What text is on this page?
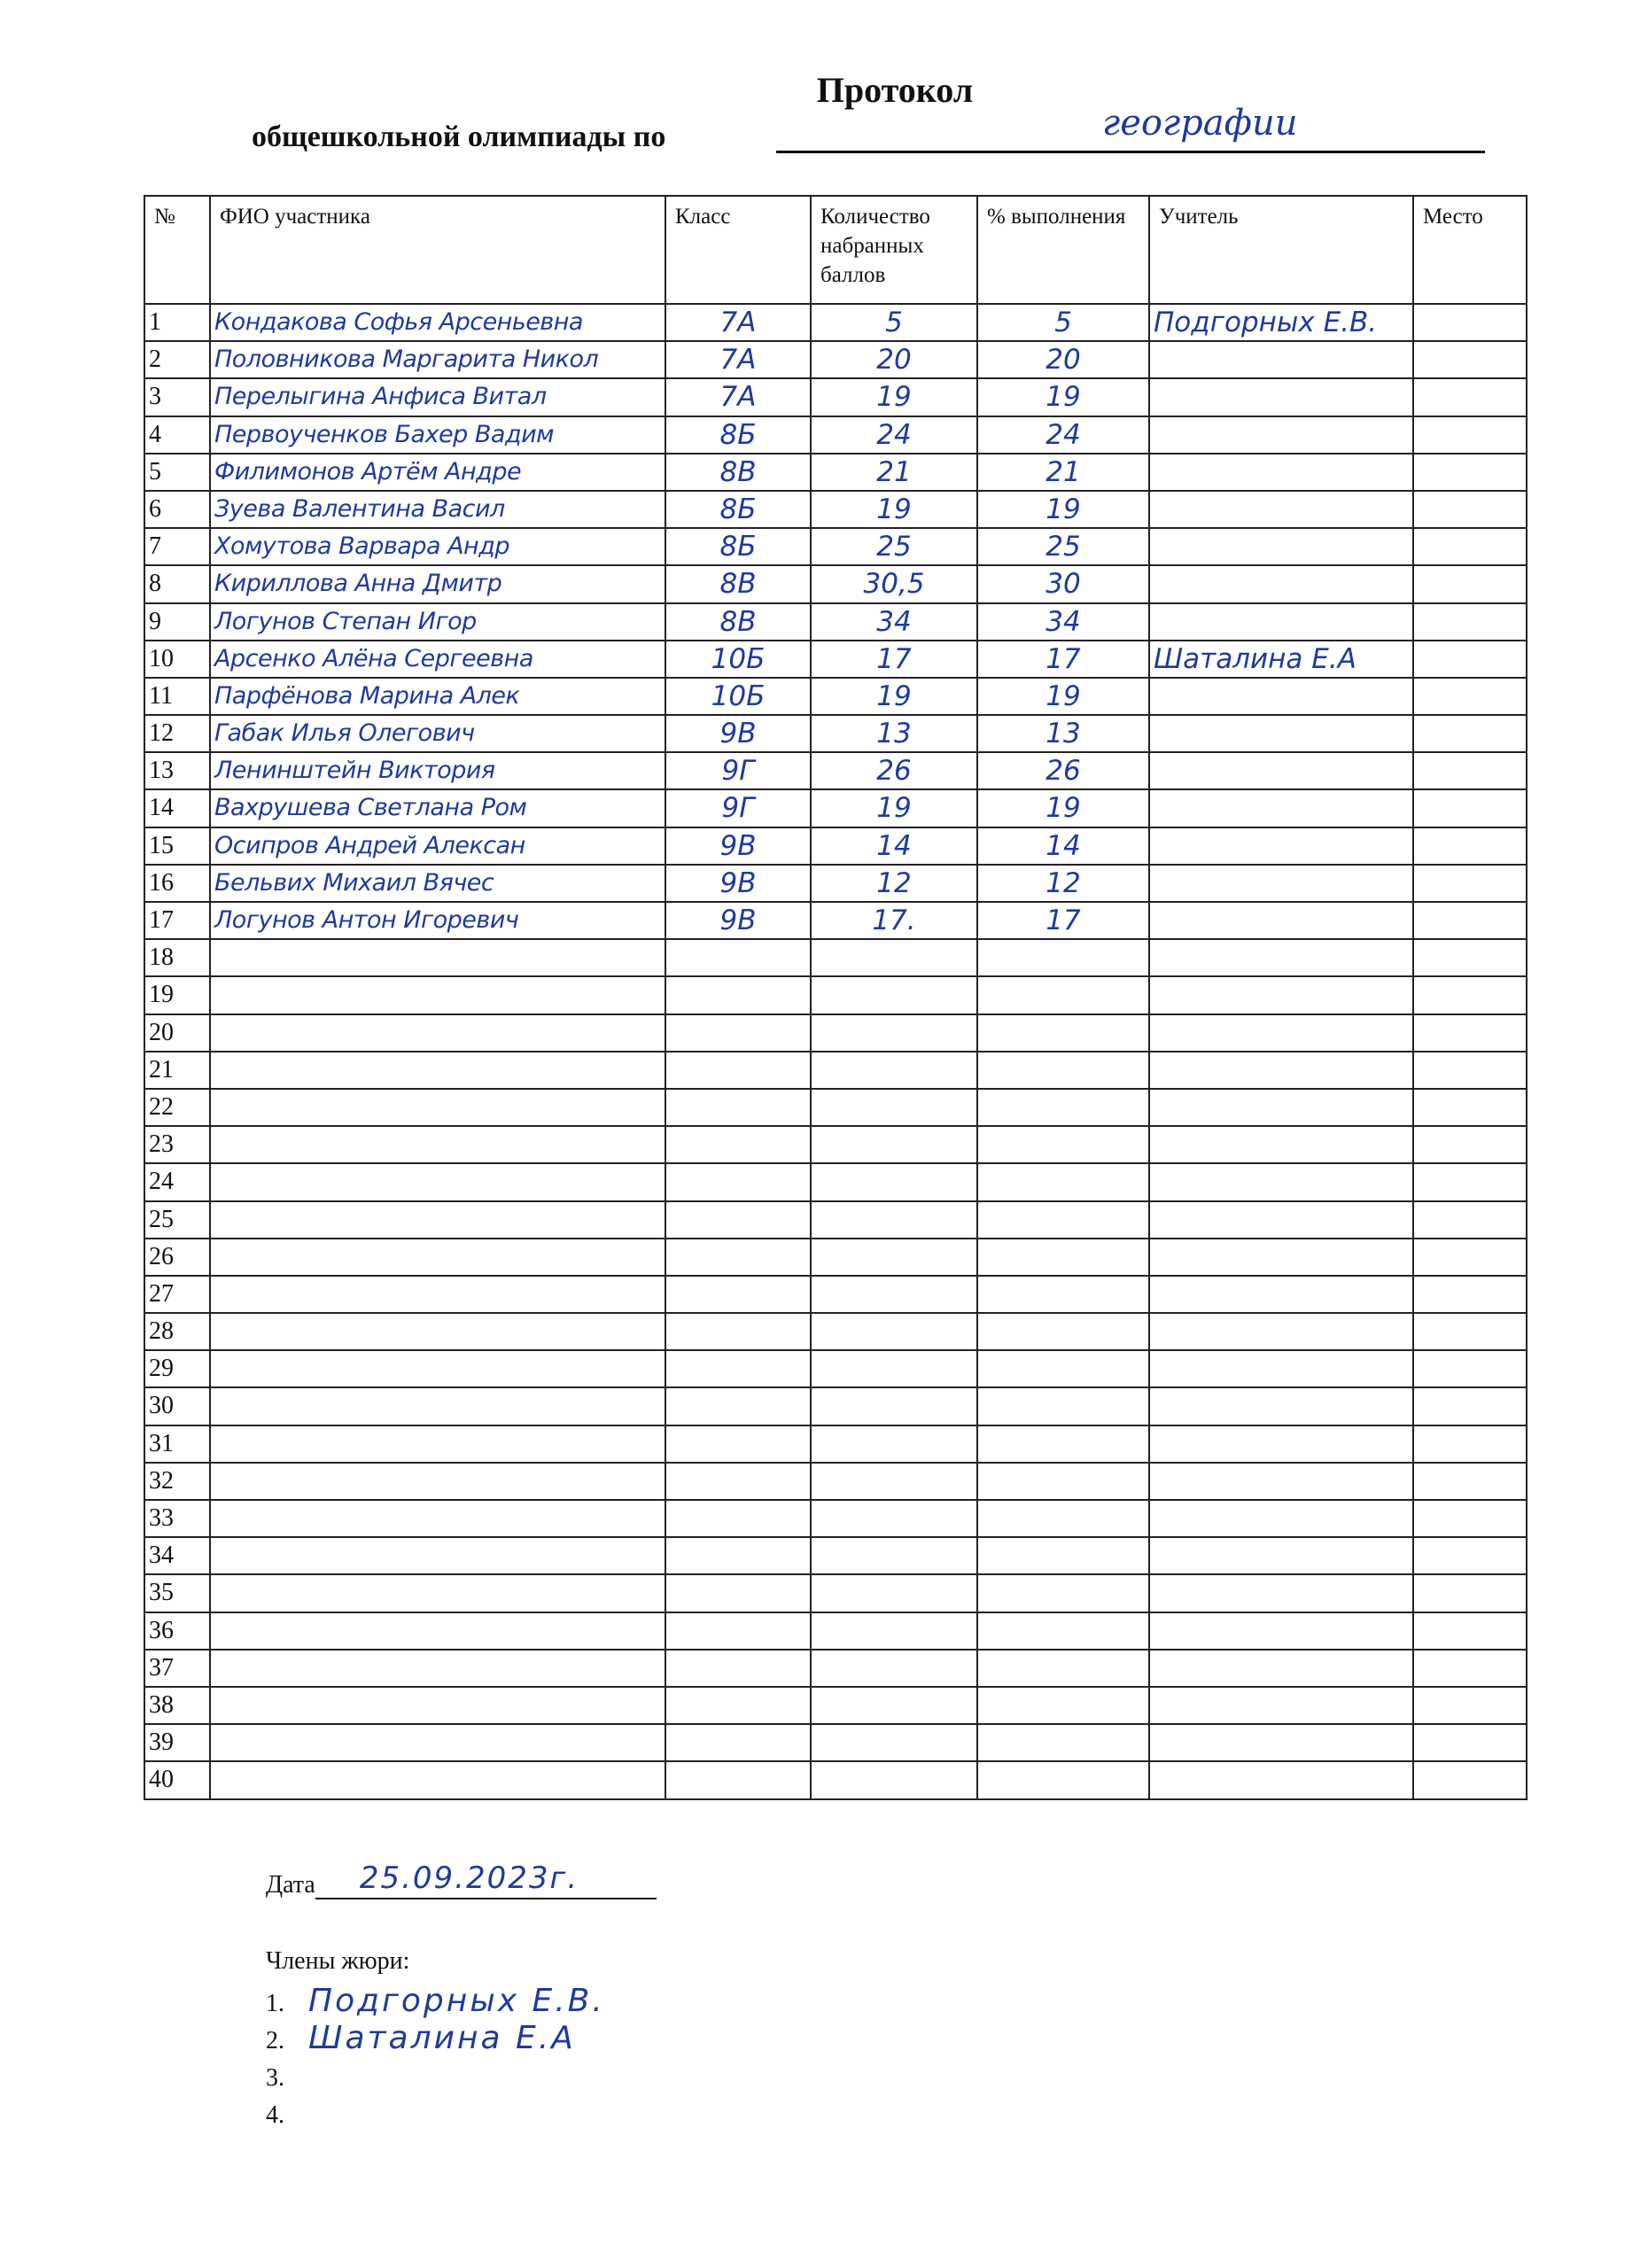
Протокол
общешкольной олимпиады по	географии
№	ФИО участника	Класс	Количество набранных баллов	% выполнения	Учитель	Место
1	Кондакова Софья Арсеньевна	7А	5	5	Подгорных Е.В.	
2	Половникова Маргарита Никол	7А	20	20		
3	Перелыгина Анфиса Витал	7А	19	19		
4	Первоученков Бахер Вадим	8Б	24	24		
5	Филимонов Артём Андре	8В	21	21		
6	Зуева Валентина Васил	8Б	19	19		
7	Хомутова Варвара Андр	8Б	25	25		
8	Кириллова Анна Дмитр	8В	30,5	30		
9	Логунов Степан Игор	8В	34	34		
10	Арсенко Алёна Сергеевна	10Б	17	17	Шаталина Е.А	
11	Парфёнова Марина Алек	10Б	19	19		
12	Габак Илья Олегович	9В	13	13		
13	Ленинштейн Виктория	9Г	26	26		
14	Вахрушева Светлана Ром	9Г	19	19		
15	Осипров Андрей Алексан	9В	14	14		
16	Бельвих Михаил Вячес	9В	12	12		
17	Логунов Антон Игоревич	9В	17.	17		
18						
19						
20						
21						
22						
23						
24						
25						
26						
27						
28						
29						
30						
31						
32						
33						
34						
35						
36						
37						
38						
39						
40						
Дата 25.09.2023г.
Члены жюри:
1. Подгорных Е.В.
2. Шаталина Е.А
3.
4.
